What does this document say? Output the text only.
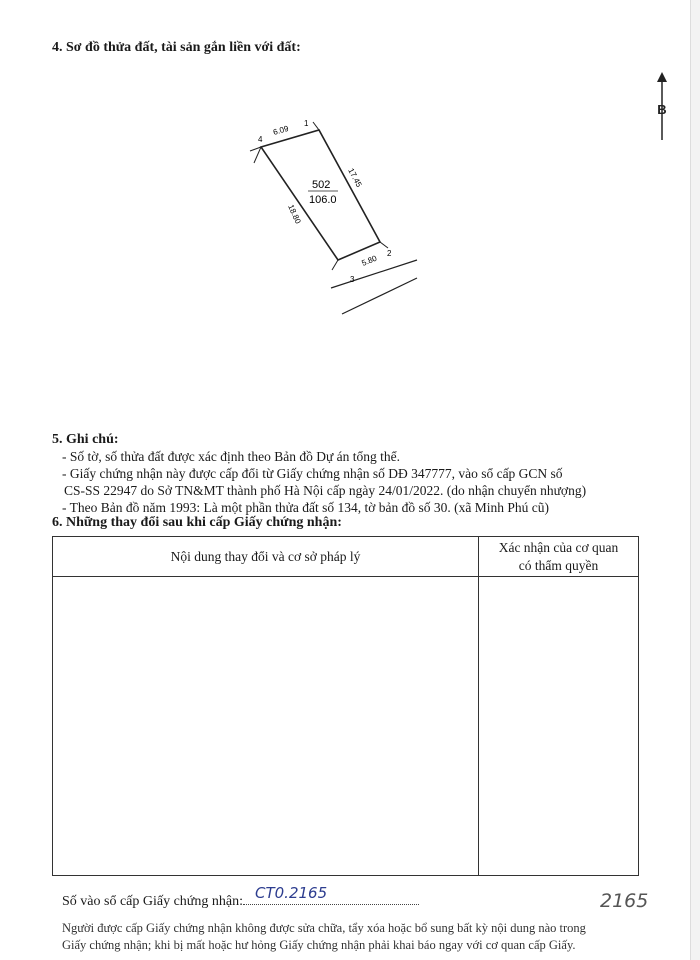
4. Sơ đồ thửa đất, tài sản gắn liền với đất:
B
4
1
2
3
6.09
17.45
5.80
18.80
502
106.0
5. Ghi chú:
- Số tờ, số thửa đất được xác định theo Bản đồ Dự án tổng thể.
- Giấy chứng nhận này được cấp đổi từ Giấy chứng nhận số DĐ 347777, vào sổ cấp GCN số
CS-SS 22947 do Sở TN&MT thành phố Hà Nội cấp ngày 24/01/2022. (do nhận chuyển nhượng)
- Theo Bản đồ năm 1993: Là một phần thửa đất số 134, tờ bản đồ số 30. (xã Minh Phú cũ)
6. Những thay đổi sau khi cấp Giấy chứng nhận:
Nội dung thay đổi và cơ sở pháp lý	Xác nhận của cơ quan
có thẩm quyền

Số vào sổ cấp Giấy chứng nhận: CT0.2165	2165
Người được cấp Giấy chứng nhận không được sửa chữa, tẩy xóa hoặc bổ sung bất kỳ nội dung nào trong
Giấy chứng nhận; khi bị mất hoặc hư hỏng Giấy chứng nhận phải khai báo ngay với cơ quan cấp Giấy.
